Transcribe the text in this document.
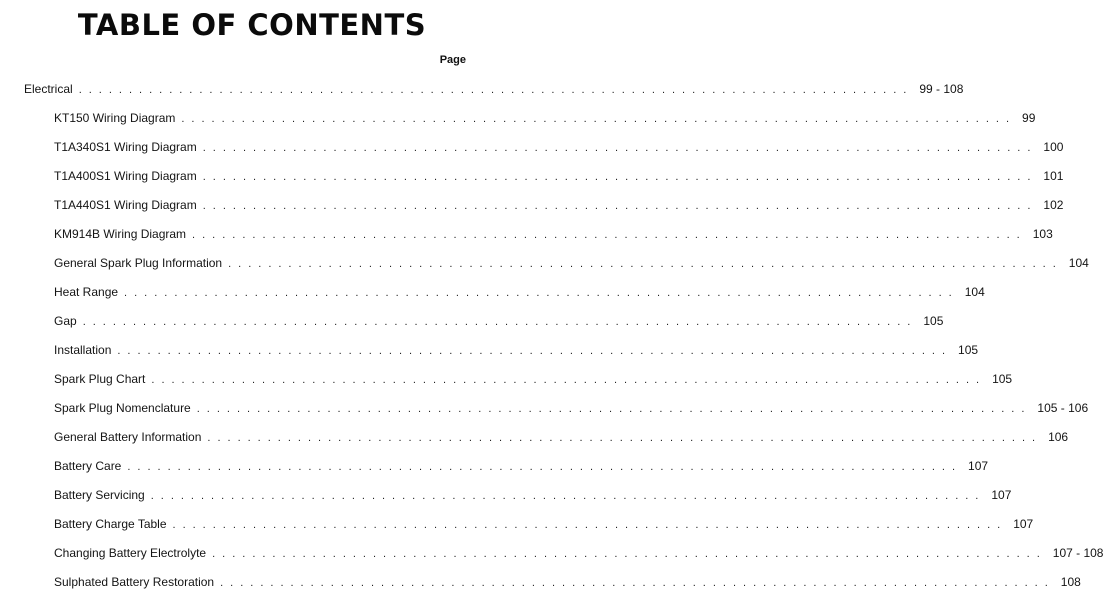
TABLE OF CONTENTS
Page
Electrical ................................................................................... 99 - 108
KT150 Wiring Diagram ................................................................................... 99
T1A340S1 Wiring Diagram ................................................................................... 100
T1A400S1 Wiring Diagram ................................................................................... 101
T1A440S1 Wiring Diagram ................................................................................... 102
KM914B Wiring Diagram ................................................................................... 103
General Spark Plug Information ................................................................................... 104
Heat Range ................................................................................... 104
Gap ................................................................................... 105
Installation ................................................................................... 105
Spark Plug Chart ................................................................................... 105
Spark Plug Nomenclature ................................................................................... 105 - 106
General Battery Information ................................................................................... 106
Battery Care ................................................................................... 107
Battery Servicing ................................................................................... 107
Battery Charge Table ................................................................................... 107
Changing Battery Electrolyte ................................................................................... 107 - 108
Sulphated Battery Restoration ................................................................................... 108
